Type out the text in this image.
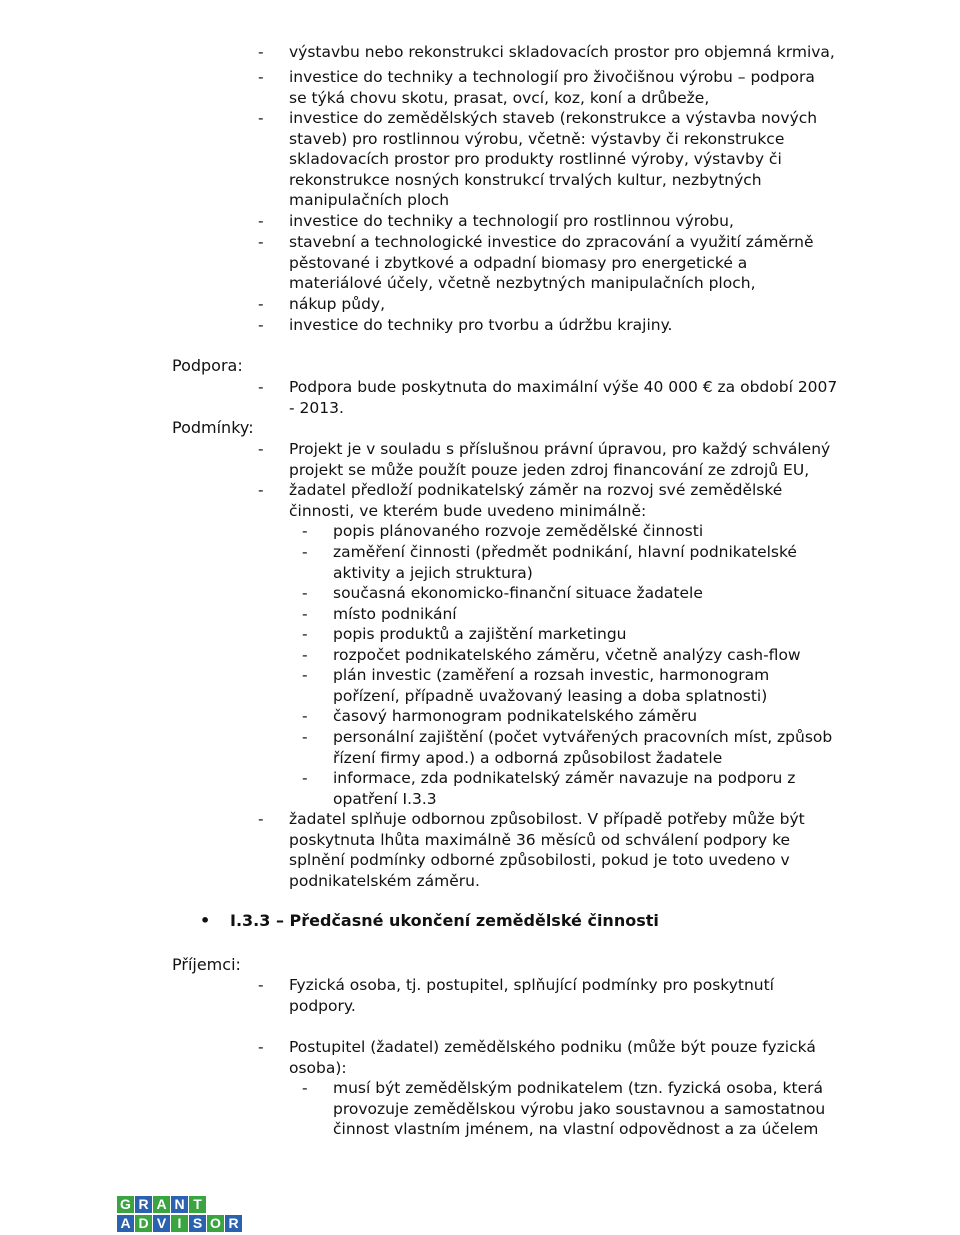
- výstavbu nebo rekonstrukci skladovacích prostor pro objemná krmiva,
- investice do techniky a technologií pro živočišnou výrobu – podpora
se týká chovu skotu, prasat, ovcí, koz, koní a drůbeže,
- investice do zemědělských staveb (rekonstrukce a výstavba nových
staveb) pro rostlinnou výrobu, včetně: výstavby či rekonstrukce
skladovacích prostor pro produkty rostlinné výroby, výstavby či
rekonstrukce nosných konstrukcí trvalých kultur, nezbytných
manipulačních ploch
- investice do techniky a technologií pro rostlinnou výrobu,
- stavební a technologické investice do zpracování a využití záměrně
pěstované i zbytkové a odpadní biomasy pro energetické a
materiálové účely, včetně nezbytných manipulačních ploch,
- nákup půdy,
- investice do techniky pro tvorbu a údržbu krajiny.
Podpora:
- Podpora bude poskytnuta do maximální výše 40 000 € za období 2007
- 2013.
Podmínky:
- Projekt je v souladu s příslušnou právní úpravou, pro každý schválený
projekt se může použít pouze jeden zdroj financování ze zdrojů EU,
- žadatel předloží podnikatelský záměr na rozvoj své zemědělské
činnosti, ve kterém bude uvedeno minimálně:
- popis plánovaného rozvoje zemědělské činnosti
- zaměření činnosti (předmět podnikání, hlavní podnikatelské
aktivity a jejich struktura)
- současná ekonomicko-finanční situace žadatele
- místo podnikání
- popis produktů a zajištění marketingu
- rozpočet podnikatelského záměru, včetně analýzy cash-flow
- plán investic (zaměření a rozsah investic, harmonogram
pořízení, případně uvažovaný leasing a doba splatnosti)
- časový harmonogram podnikatelského záměru
- personální zajištění (počet vytvářených pracovních míst, způsob
řízení firmy apod.) a odborná způsobilost žadatele
- informace, zda podnikatelský záměr navazuje na podporu z
opatření I.3.3
- žadatel splňuje odbornou způsobilost. V případě potřeby může být
poskytnuta lhůta maximálně 36 měsíců od schválení podpory ke
splnění podmínky odborné způsobilosti, pokud je toto uvedeno v
podnikatelském záměru.
• I.3.3 – Předčasné ukončení zemědělské činnosti
Příjemci:
- Fyzická osoba, tj. postupitel, splňující podmínky pro poskytnutí
podpory.
- Postupitel (žadatel) zemědělského podniku (může být pouze fyzická
osoba):
- musí být zemědělským podnikatelem (tzn. fyzická osoba, která
provozuje zemědělskou výrobu jako soustavnou a samostatnou
činnost vlastním jménem, na vlastní odpovědnost a za účelem
G R A N T
A D V I S O R
